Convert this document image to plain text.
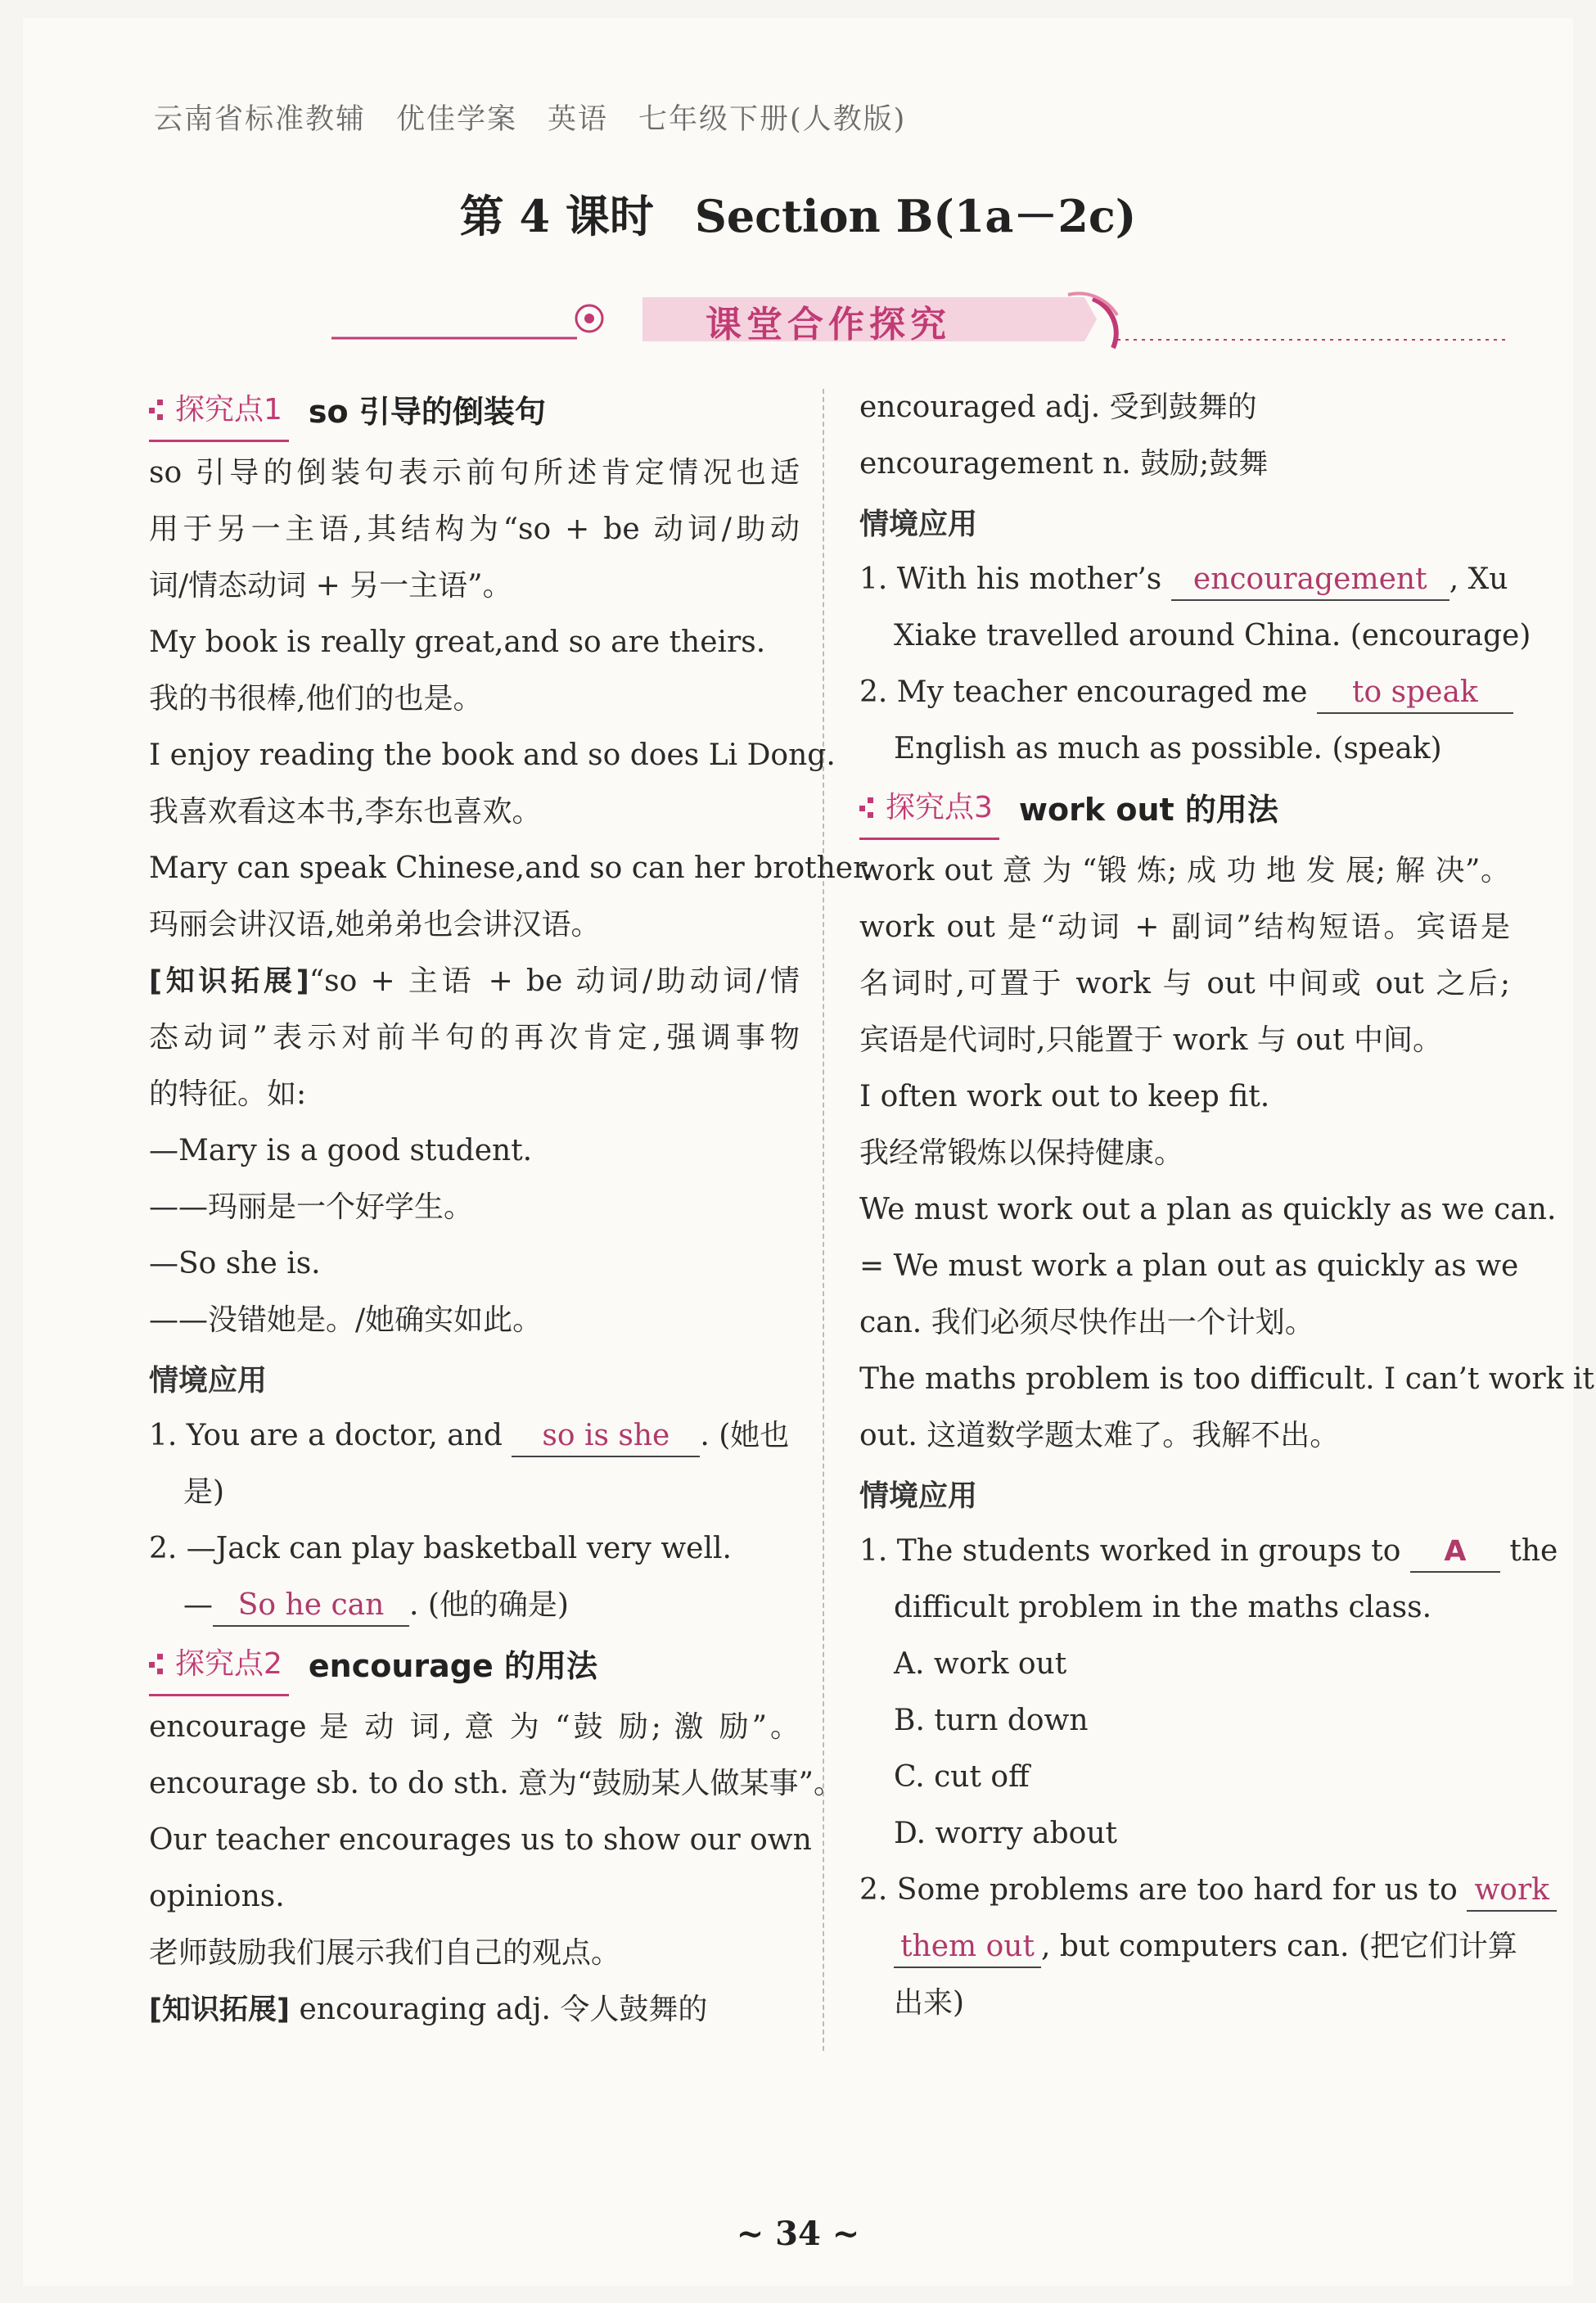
云南省标准教辅　优佳学案　英语　七年级下册(人教版)
第 4 课时 Section B(1a－2c)
课堂合作探究
探究点1 so 引导的倒装句
so 引导的倒装句表示前句所述肯定情况也适
用于另一主语,其结构为“so + be 动词/助动
词/情态动词 + 另一主语”。
My book is really great,and so are theirs.
我的书很棒,他们的也是。
I enjoy reading the book and so does Li Dong.
我喜欢看这本书,李东也喜欢。
Mary can speak Chinese,and so can her brother.
玛丽会讲汉语,她弟弟也会讲汉语。
[知识拓展]“so + 主语 + be 动词/助动词/情
态动词”表示对前半句的再次肯定,强调事物
的特征。如:
—Mary is a good student.
——玛丽是一个好学生。
—So she is.
——没错她是。/她确实如此。
情境应用
1. You are a doctor, and so is she . (她也
是)
2. —Jack can play basketball very well.
— So he can . (他的确是)
探究点2 encourage 的用法
encourage 是 动 词, 意 为 “鼓 励; 激 励”。
encourage sb. to do sth. 意为“鼓励某人做某事”。
Our teacher encourages us to show our own
opinions.
老师鼓励我们展示我们自己的观点。
[知识拓展] encouraging adj. 令人鼓舞的
encouraged adj. 受到鼓舞的
encouragement n. 鼓励;鼓舞
情境应用
1. With his mother’s encouragement , Xu
Xiake travelled around China. (encourage)
2. My teacher encouraged me to speak
English as much as possible. (speak)
探究点3 work out 的用法
work out 意 为 “锻 炼; 成 功 地 发 展; 解 决”。
work out 是“动词 + 副词”结构短语。宾语是
名词时,可置于 work 与 out 中间或 out 之后;
宾语是代词时,只能置于 work 与 out 中间。
I often work out to keep fit.
我经常锻炼以保持健康。
We must work out a plan as quickly as we can.
= We must work a plan out as quickly as we
can. 我们必须尽快作出一个计划。
The maths problem is too difficult. I can’t work it
out. 这道数学题太难了。我解不出。
情境应用
1. The students worked in groups to A the
difficult problem in the maths class.
A. work out
B. turn down
C. cut off
D. worry about
2. Some problems are too hard for us to work
them out , but computers can. (把它们计算
出来)
~ 34 ~
